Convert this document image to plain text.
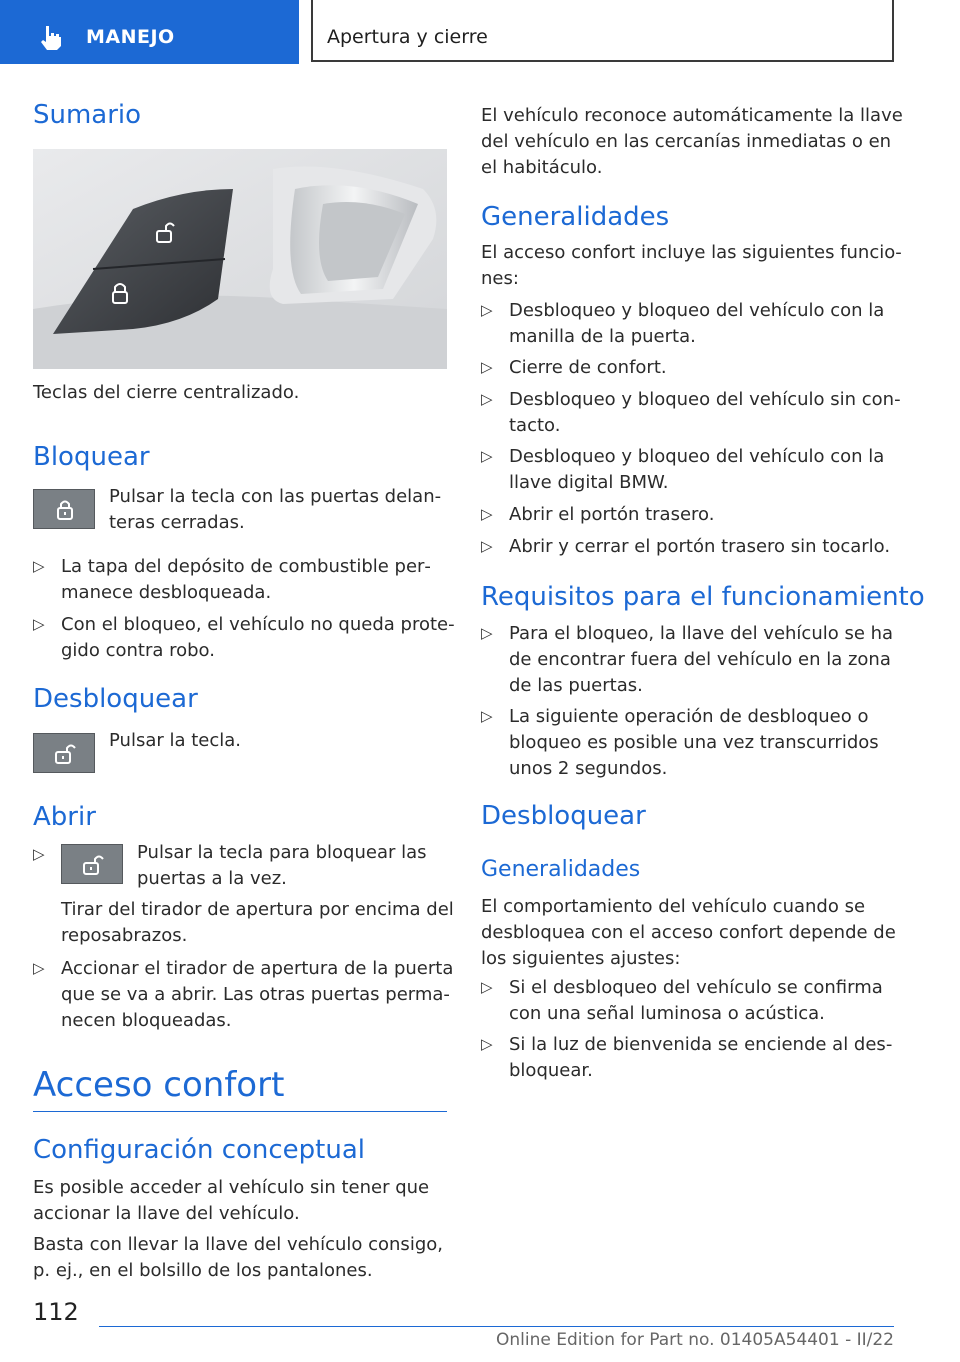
MANEJO	Apertura y cierre
Sumario

Teclas del cierre centralizado.

Bloquear

Pulsar la tecla con las puertas delan‐

teras cerradas.

▷ La tapa del depósito de combustible per‐

manece desbloqueada.

▷ Con el bloqueo, el vehículo no queda prote‐

gido contra robo.

Desbloquear

Pulsar la tecla.

Abrir
▷	Pulsar la tecla para bloquear las

puertas a la vez.

Tirar del tirador de apertura por encima del

reposabrazos.

▷ Accionar el tirador de apertura de la puerta

que se va a abrir. Las otras puertas perma‐

necen bloqueadas.

Acceso confort
Configuración conceptual

Es posible acceder al vehículo sin tener que

accionar la llave del vehículo.

Basta con llevar la llave del vehículo consigo,

p. ej., en el bolsillo de los pantalones.

El vehículo reconoce automáticamente la llave

del vehículo en las cercanías inmediatas o en

el habitáculo.

Generalidades

El acceso confort incluye las siguientes funcio‐

nes:

▷ Desbloqueo y bloqueo del vehículo con la

manilla de la puerta.

▷ Cierre de confort.

▷ Desbloqueo y bloqueo del vehículo sin con‐

tacto.

▷ Desbloqueo y bloqueo del vehículo con la

llave digital BMW.

▷ Abrir el portón trasero.

▷ Abrir y cerrar el portón trasero sin tocarlo.

Requisitos para el funcionamiento
▷ Para el bloqueo, la llave del vehículo se ha

de encontrar fuera del vehículo en la zona

de las puertas.

▷ La siguiente operación de desbloqueo o

bloqueo es posible una vez transcurridos

unos 2 segundos.

Desbloquear
Generalidades

El comportamiento del vehículo cuando se

desbloquea con el acceso confort depende de

los siguientes ajustes:

▷ Si el desbloqueo del vehículo se confirma

con una señal luminosa o acústica.

▷ Si la luz de bienvenida se enciende al des‐

bloquear.

112
Online Edition for Part no. 01405A54401 - II/22
